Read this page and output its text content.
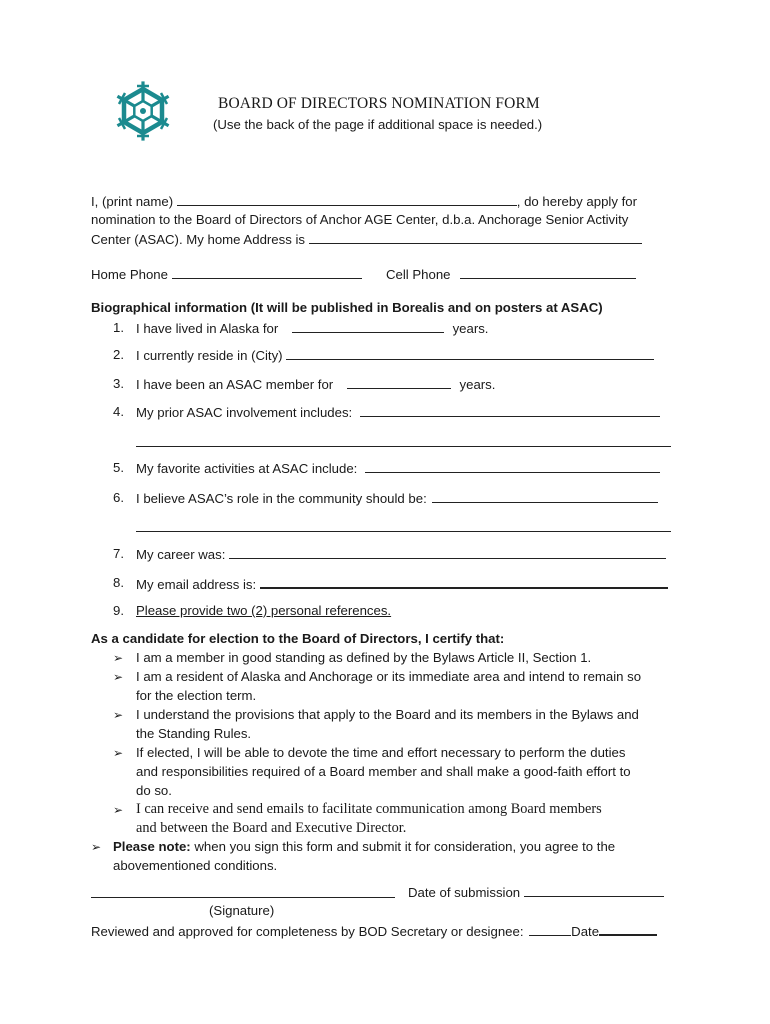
BOARD OF DIRECTORS NOMINATION FORM
(Use the back of the page if additional space is needed.)
I, (print name)	, do hereby apply for
nomination to the Board of Directors of Anchor AGE Center, d.b.a. Anchorage Senior Activity
Center (ASAC). My home Address is
Home Phone	Cell Phone
Biographical information (It will be published in Borealis and on posters at ASAC)
1. I have lived in Alaska for	years.
2. I currently reside in (City)
3. I have been an ASAC member for	years.
4. My prior ASAC involvement includes:
5. My favorite activities at ASAC include:
6. I believe ASAC’s role in the community should be:
7. My career was:
8. My email address is:
9. Please provide two (2) personal references.
As a candidate for election to the Board of Directors, I certify that:
➢ I am a member in good standing as defined by the Bylaws Article II, Section 1.
➢ I am a resident of Alaska and Anchorage or its immediate area and intend to remain so
for the election term.
➢ I understand the provisions that apply to the Board and its members in the Bylaws and
the Standing Rules.
➢ If elected, I will be able to devote the time and effort necessary to perform the duties
and responsibilities required of a Board member and shall make a good-faith effort to
do so.
➢ I can receive and send emails to facilitate communication among Board members
and between the Board and Executive Director.
➢ Please note: when you sign this form and submit it for consideration, you agree to the
abovementioned conditions.
Date of submission
(Signature)
Reviewed and approved for completeness by BOD Secretary or designee:	Date
